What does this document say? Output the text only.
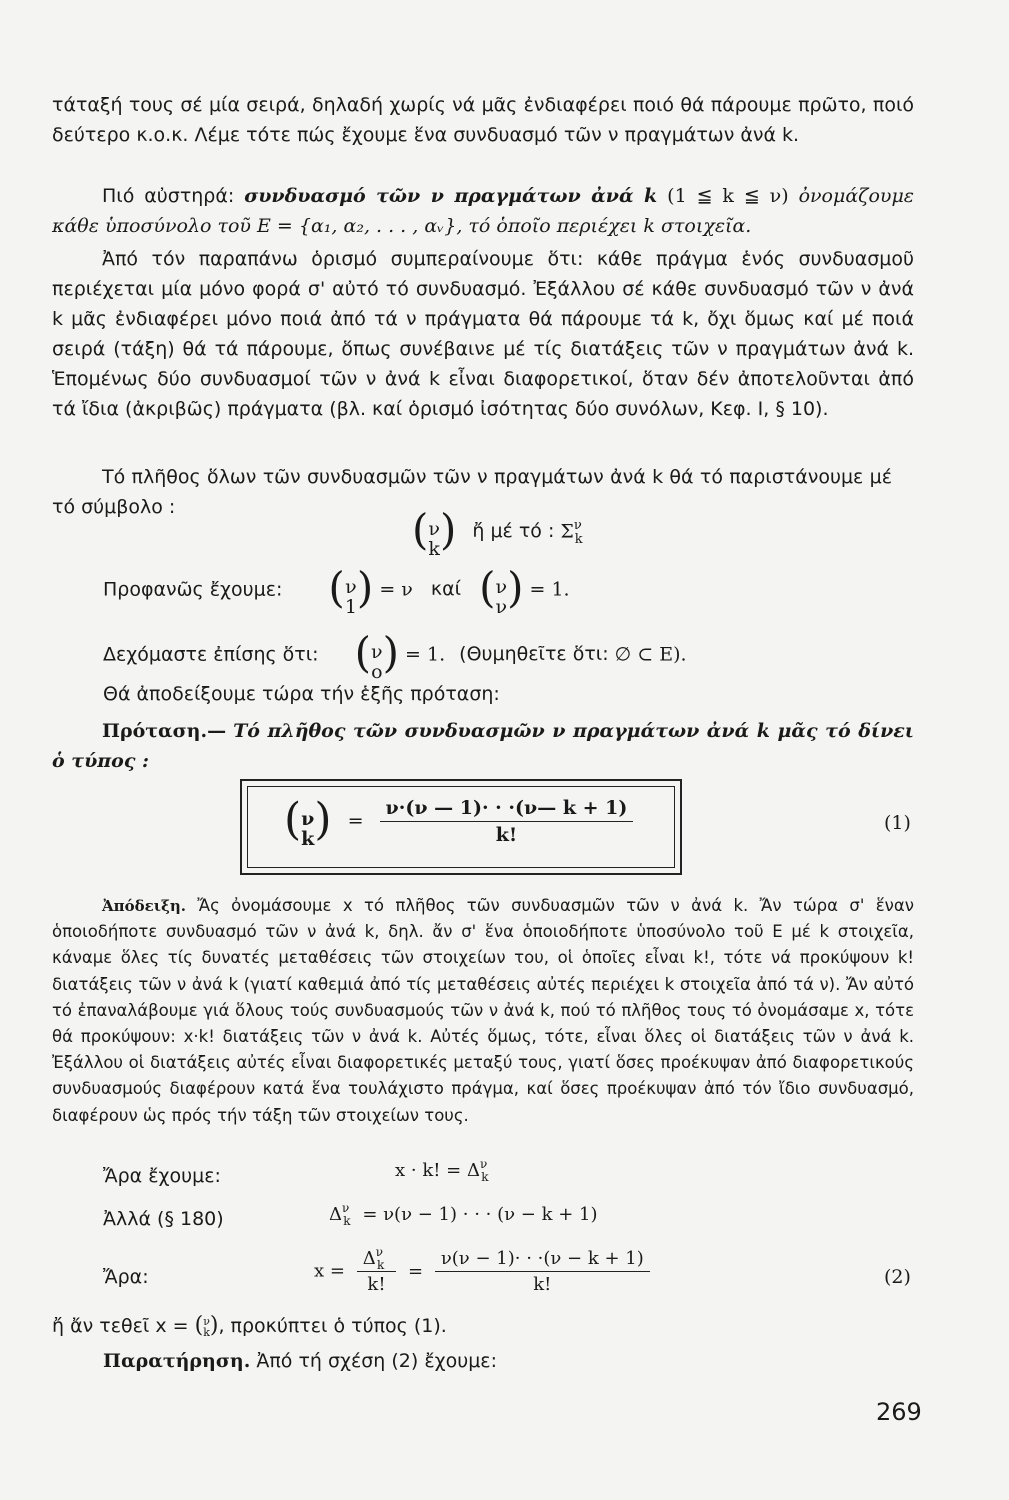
τάταξή τους σέ μία σειρά, δηλαδή χωρίς νά μᾶς ἐνδιαφέρει ποιό θά πάρουμε πρῶτο, ποιό δεύτερο κ.ο.κ. Λέμε τότε πώς ἔχουμε ἕνα συνδυασμό τῶν ν πραγμάτων ἀνά k.

Πιό αὐστηρά: συνδυασμό τῶν ν πραγμάτων ἀνά k (1 ≦ k ≦ ν) ὀνομάζουμε κάθε ὑποσύνολο τοῦ E = {α₁, α₂, . . . , αᵥ}, τό ὁποῖο περιέχει k στοιχεῖα.

Ἀπό τόν παραπάνω ὁρισμό συμπεραίνουμε ὅτι: κάθε πράγμα ἑνός συνδυασμοῦ περιέχεται μία μόνο φορά σ' αὐτό τό συνδυασμό. Ἐξάλλου σέ κάθε συνδυασμό τῶν ν ἀνά k μᾶς ἐνδιαφέρει μόνο ποιά ἀπό τά ν πράγματα θά πάρουμε τά k, ὄχι ὅμως καί μέ ποιά σειρά (τάξη) θά τά πάρουμε, ὅπως συνέβαινε μέ τίς διατάξεις τῶν ν πραγμάτων ἀνά k. Ἑπομένως δύο συνδυασμοί τῶν ν ἀνά k εἶναι διαφορετικοί, ὅταν δέν ἀποτελοῦνται ἀπό τά ἴδια (ἀκριβῶς) πράγματα (βλ. καί ὁρισμό ἰσότητας δύο συνόλων, Κεφ. Ι, § 10).

Τό πλῆθος ὅλων τῶν συνδυασμῶν τῶν ν πραγμάτων ἀνά k θά τό παριστάνουμε μέ τό σύμβολο :	(ν
k) ἤ μέ τό : $\Sigma^\nu_k$
Προφανῶς ἔχουμε: (ν
1) = ν καί (ν
ν) = 1.
Δεχόμαστε ἐπίσης ὅτι: (ν
ο) = 1. (Θυμηθεῖτε ὅτι: ∅ ⊂ E).
Θά ἀποδείξουμε τώρα τήν ἑξῆς πρόταση:

Πρόταση.— Τό πλῆθος τῶν συνδυασμῶν ν πραγμάτων ἀνά k μᾶς τό δίνει ὁ τύπος :

(ν
$k) = \frac{\nu\cdot(\nu — 1)\cdot \cdot \cdot(\nu— k + 1)}{k!}$	(1)

Ἀπόδειξη. Ἄς ὀνομάσουμε x τό πλῆθος τῶν συνδυασμῶν τῶν ν ἀνά k. Ἄν τώρα σ' ἕναν ὁποιοδήποτε συνδυασμό τῶν ν ἀνά k, δηλ. ἄν σ' ἕνα ὁποιοδήποτε ὑποσύνολο τοῦ E μέ k στοιχεῖα, κάναμε ὅλες τίς δυνατές μεταθέσεις τῶν στοιχείων του, οἱ ὁποῖες εἶναι k!, τότε νά προκύψουν k! διατάξεις τῶν ν ἀνά k (γιατί καθεμιά ἀπό τίς μεταθέσεις αὐτές περιέχει k στοιχεῖα ἀπό τά ν). Ἄν αὐτό τό ἐπαναλάβουμε γιά ὅλους τούς συνδυασμούς τῶν ν ἀνά k, πού τό πλῆθος τους τό ὀνομάσαμε x, τότε θά προκύψουν: x·k! διατάξεις τῶν ν ἀνά k. Αὐτές ὅμως, τότε, εἶναι ὅλες οἱ διατάξεις τῶν ν ἀνά k. Ἐξάλλου οἱ διατάξεις αὐτές εἶναι διαφορετικές μεταξύ τους, γιατί ὅσες προέκυψαν ἀπό διαφορετικούς συνδυασμούς διαφέρουν κατά ἕνα τουλάχιστο πράγμα, καί ὅσες προέκυψαν ἀπό τόν ἴδιο συνδυασμό, διαφέρουν ὡς πρός τήν τάξη τῶν στοιχείων τους.

Ἄρα ἔχουμε:	x · k! = $\Delta^\nu_k$
Ἀλλά (§ 180)	$\Delta^\nu_k = \nu(\nu - 1)$ · · · (ν − k + 1)
Ἄρα:	$x = \frac{\Delta^\nu_k}{k!} = \frac{\nu(\nu - 1)\cdot \cdot \cdot(\nu - k + 1)}{k!}$	(2)
ἤ ἄν τεθεῖ x = (ν
k), προκύπτει ὁ τύπος (1).
Παρατήρηση. Ἀπό τή σχέση (2) ἔχουμε:
269
